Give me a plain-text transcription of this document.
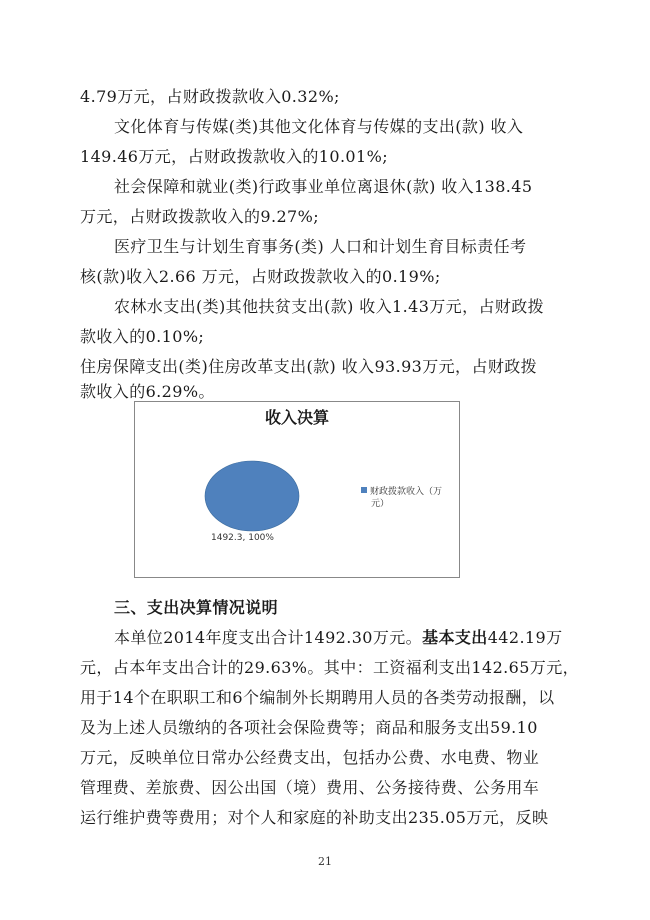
4.79万元，占财政拨款收入0.32%;
文化体育与传媒(类)其他文化体育与传媒的支出(款) 收入
149.46万元，占财政拨款收入的10.01%;
社会保障和就业(类)行政事业单位离退休(款) 收入138.45
万元，占财政拨款收入的9.27%;
医疗卫生与计划生育事务(类) 人口和计划生育目标责任考
核(款)收入2.66 万元，占财政拨款收入的0.19%;
农林水支出(类)其他扶贫支出(款) 收入1.43万元，占财政拨
款收入的0.10%;
住房保障支出(类)住房改革支出(款) 收入93.93万元，占财政拨
款收入的6.29%。
收入决算
财政拨款收入（万
元）
1492.3, 100%
三、支出决算情况说明
本单位2014年度支出合计1492.30万元。基本支出442.19万
元，占本年支出合计的29.63%。其中：工资福利支出142.65万元，
用于14个在职职工和6个编制外长期聘用人员的各类劳动报酬，以
及为上述人员缴纳的各项社会保险费等；商品和服务支出59.10
万元，反映单位日常办公经费支出，包括办公费、水电费、物业
管理费、差旅费、因公出国（境）费用、公务接待费、公务用车
运行维护费等费用；对个人和家庭的补助支出235.05万元，反映
21
